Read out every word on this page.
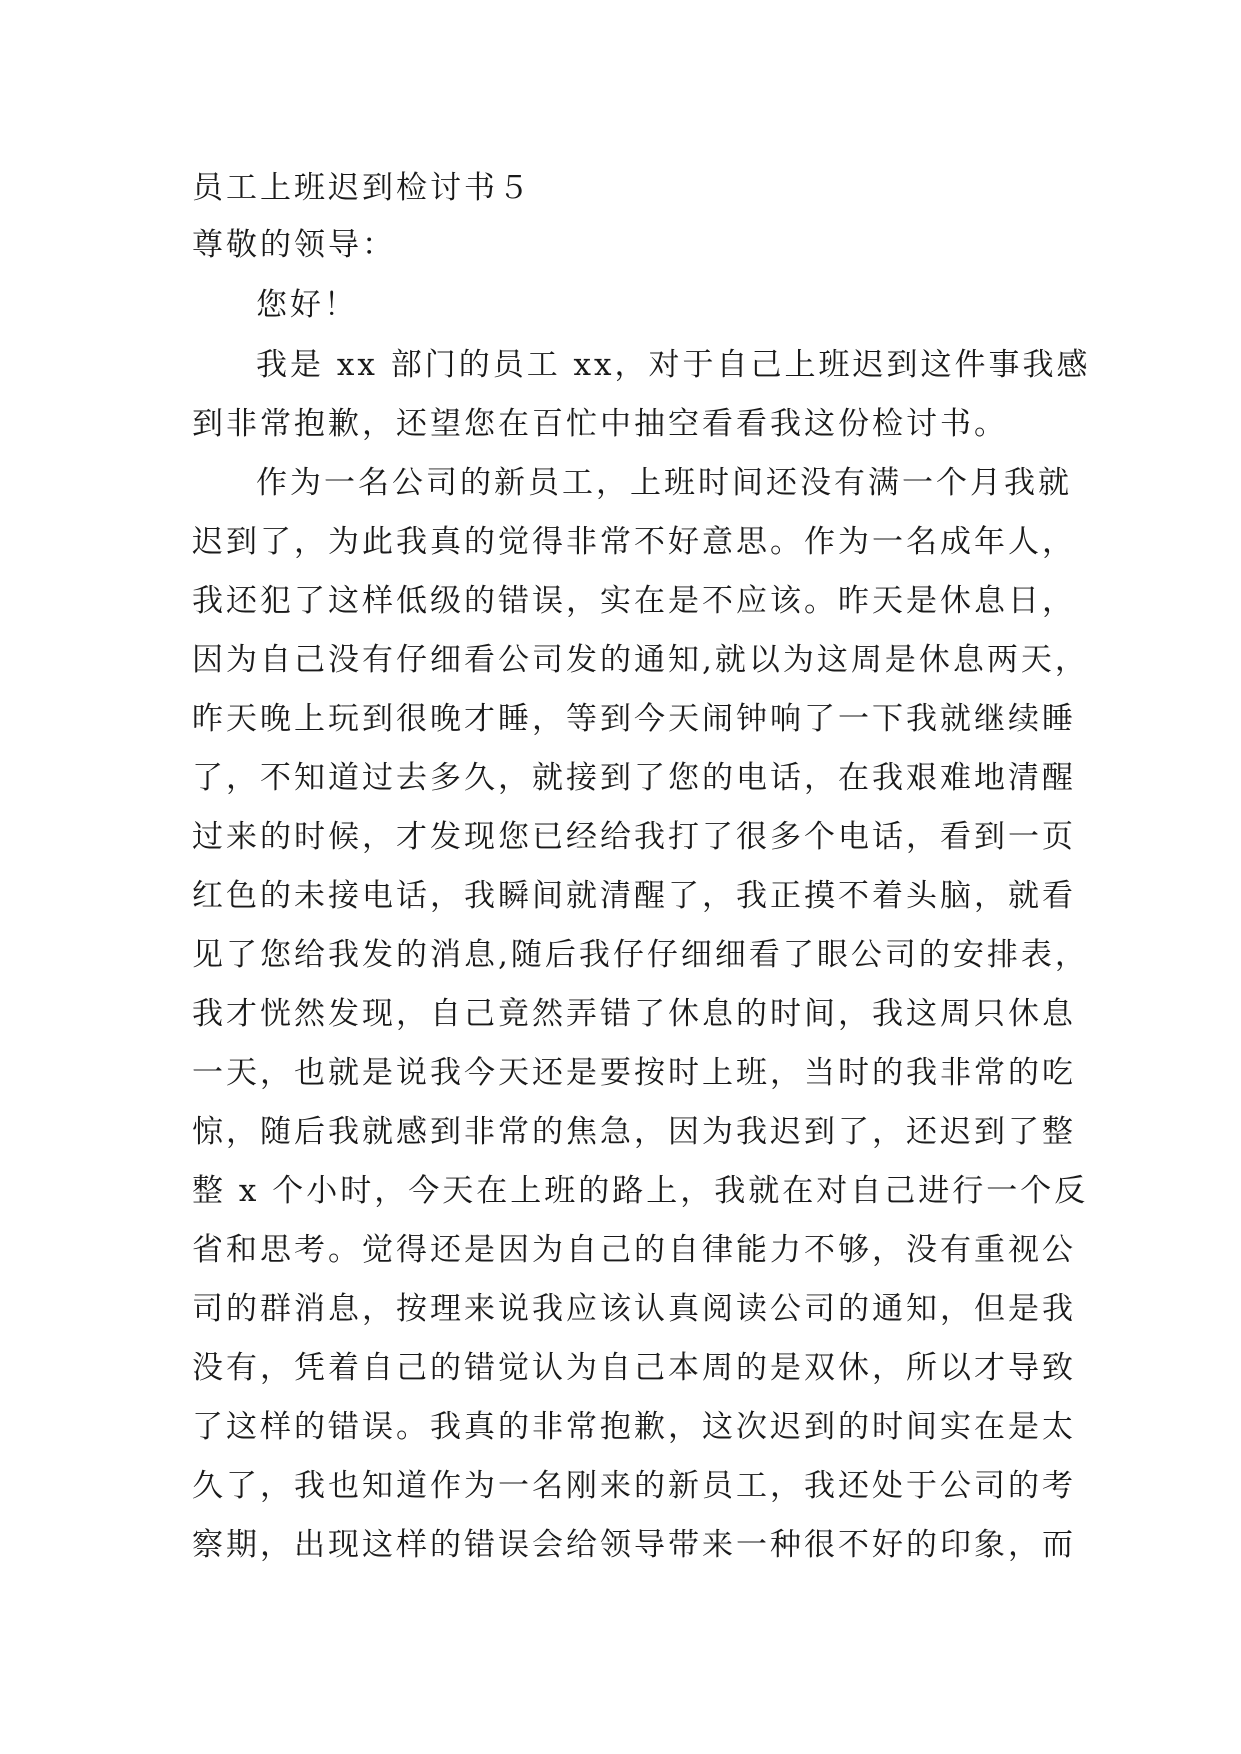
员工上班迟到检讨书５

尊敬的领导：

您好！

我 是
x x
部 门 的 员 工
x x ， 对 于 自 己 上 班 迟 到 这 件 事 我 感
到 非 常 抱 歉 ， 还 望 您 在 百 忙 中 抽 空 看 看 我 这 份 检 讨 书 。
作 为 一 名 公 司 的 新 员 工 ， 上 班 时 间 还 没 有 满 一 个 月 我 就
迟 到 了 ， 为 此 我 真 的 觉 得 非 常 不 好 意 思 。 作 为 一 名 成 年 人 ，
我 还 犯 了 这 样 低 级 的 错 误 ， 实 在 是 不 应 该 。 昨 天 是 休 息 日 ，
因 为 自 己 没 有 仔 细 看 公 司 发 的 通 知 , 就 以 为 这 周 是 休 息 两 天 ，
昨 天 晚 上 玩 到 很 晚 才 睡 ， 等 到 今 天 闹 钟 响 了 一 下 我 就 继 续 睡
了 ， 不 知 道 过 去 多 久 ， 就 接 到 了 您 的 电 话 ， 在 我 艰 难 地 清 醒
过 来 的 时 候 ， 才 发 现 您 已 经 给 我 打 了 很 多 个 电 话 ， 看 到 一 页
红 色 的 未 接 电 话 ， 我 瞬 间 就 清 醒 了 ， 我 正 摸 不 着 头 脑 ， 就 看
见 了 您 给 我 发 的 消 息 , 随 后 我 仔 仔 细 细 看 了 眼 公 司 的 安 排 表 ，
我 才 恍 然 发 现 ， 自 己 竟 然 弄 错 了 休 息 的 时 间 ， 我 这 周 只 休 息
一 天 ， 也 就 是 说 我 今 天 还 是 要 按 时 上 班 ， 当 时 的 我 非 常 的 吃
惊 ， 随 后 我 就 感 到 非 常 的 焦 急 ， 因 为 我 迟 到 了 ， 还 迟 到 了 整
整
x
个 小 时 ， 今 天 在 上 班 的 路 上 ， 我 就 在 对 自 己 进 行 一 个 反
省 和 思 考 。 觉 得 还 是 因 为 自 己 的 自 律 能 力 不 够 ， 没 有 重 视 公
司 的 群 消 息 ， 按 理 来 说 我 应 该 认 真 阅 读 公 司 的 通 知 ， 但 是 我
没 有 ， 凭 着 自 己 的 错 觉 认 为 自 己 本 周 的 是 双 休 ， 所 以 才 导 致
了 这 样 的 错 误 。 我 真 的 非 常 抱 歉 ， 这 次 迟 到 的 时 间 实 在 是 太
久 了 ， 我 也 知 道 作 为 一 名 刚 来 的 新 员 工 ， 我 还 处 于 公 司 的 考
察 期 ， 出 现 这 样 的 错 误 会 给 领 导 带 来 一 种 很 不 好 的 印 象 ， 而
